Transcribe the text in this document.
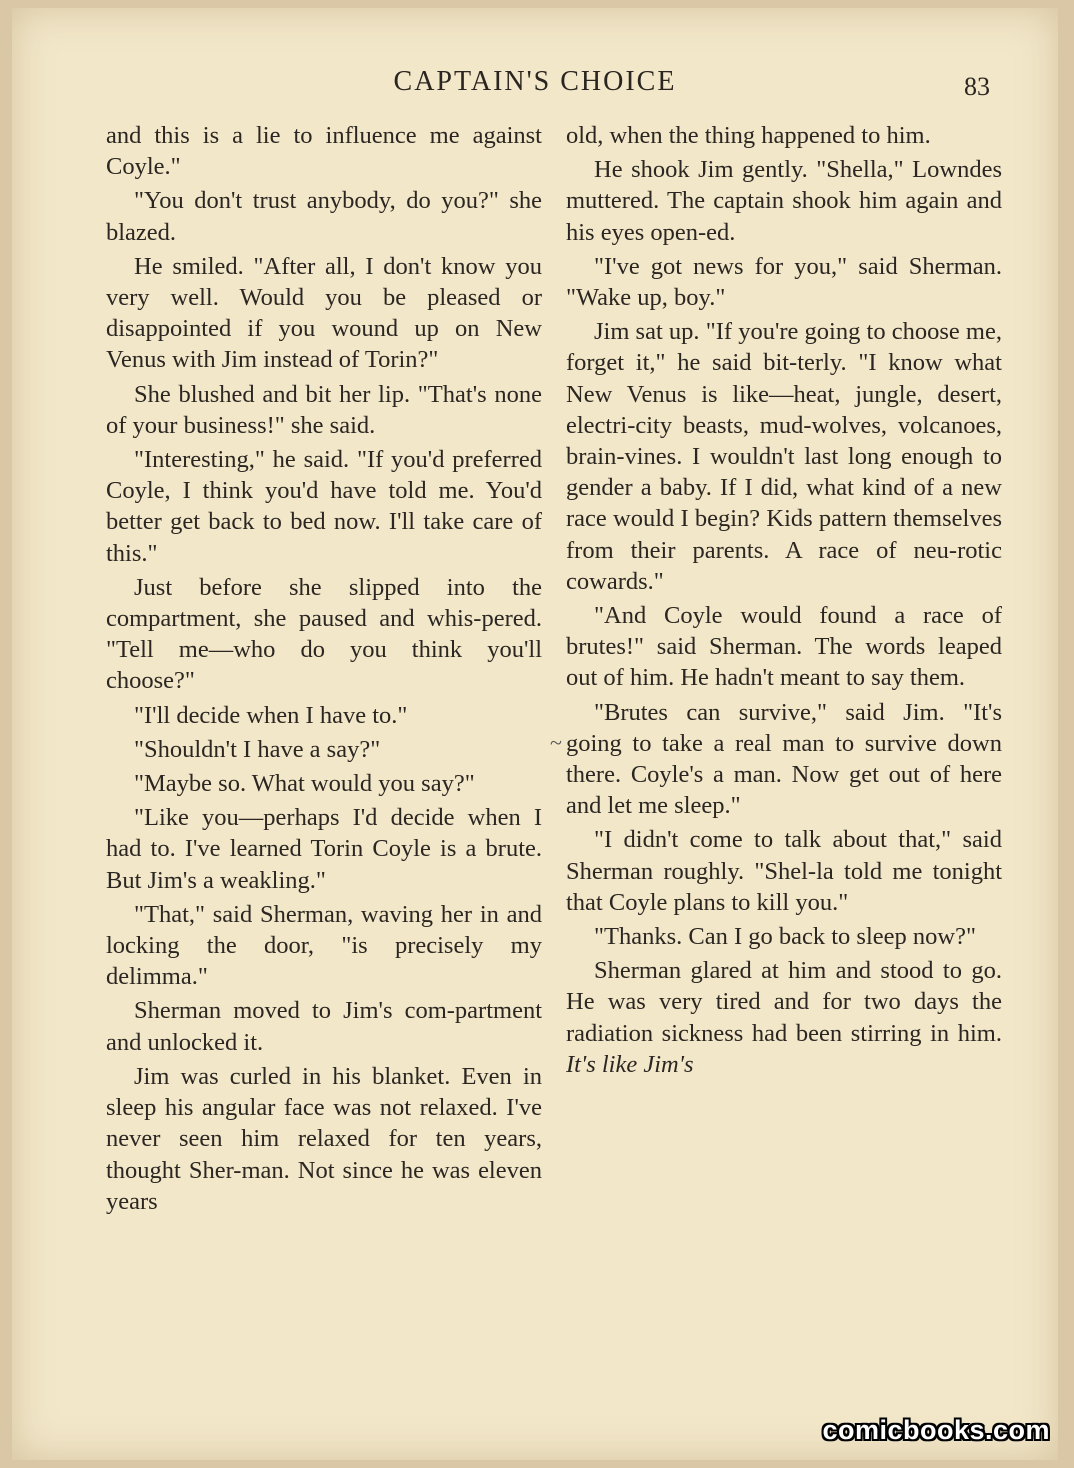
CAPTAIN'S CHOICE	83

and this is a lie to influence me against Coyle."

"You don't trust anybody, do you?" she blazed.

He smiled. "After all, I don't know you very well. Would you be pleased or disappointed if you wound up on New Venus with Jim instead of Torin?"

She blushed and bit her lip. "That's none of your business!" she said.

"Interesting," he said. "If you'd preferred Coyle, I think you'd have told me. You'd better get back to bed now. I'll take care of this."

Just before she slipped into the compartment, she paused and whis-pered. "Tell me—who do you think you'll choose?"

"I'll decide when I have to."

"Shouldn't I have a say?"

"Maybe so. What would you say?"

"Like you—perhaps I'd decide when I had to. I've learned Torin Coyle is a brute. But Jim's a weakling."

"That," said Sherman, waving her in and locking the door, "is precisely my delimma."

Sherman moved to Jim's com-partment and unlocked it.

Jim was curled in his blanket. Even in sleep his angular face was not relaxed. I've never seen him relaxed for ten years, thought Sher-man. Not since he was eleven years

~

old, when the thing happened to him.

He shook Jim gently. "Shella," Lowndes muttered. The captain shook him again and his eyes open-ed.

"I've got news for you," said Sherman. "Wake up, boy."

Jim sat up. "If you're going to choose me, forget it," he said bit-terly. "I know what New Venus is like—heat, jungle, desert, electri-city beasts, mud-wolves, volcanoes, brain-vines. I wouldn't last long enough to gender a baby. If I did, what kind of a new race would I begin? Kids pattern themselves from their parents. A race of neu-rotic cowards."

"And Coyle would found a race of brutes!" said Sherman. The words leaped out of him. He hadn't meant to say them.

"Brutes can survive," said Jim. "It's going to take a real man to survive down there. Coyle's a man. Now get out of here and let me sleep."

"I didn't come to talk about that," said Sherman roughly. "Shel-la told me tonight that Coyle plans to kill you."

"Thanks. Can I go back to sleep now?"

Sherman glared at him and stood to go. He was very tired and for two days the radiation sickness had been stirring in him. It's like Jim's

comicbooks.com
